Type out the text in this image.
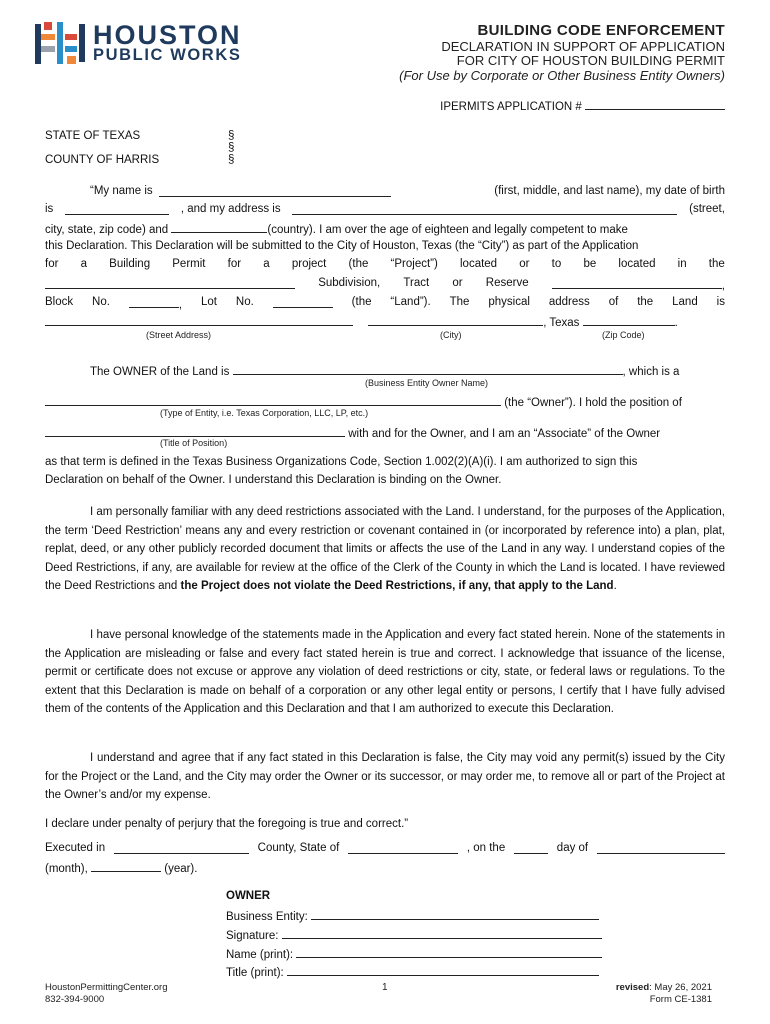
HOUSTON
PUBLIC WORKS
BUILDING CODE ENFORCEMENT
DECLARATION IN SUPPORT OF APPLICATION
FOR CITY OF HOUSTON BUILDING PERMIT
(For Use by Corporate or Other Business Entity Owners)
IPERMITS APPLICATION #
STATE OF TEXAS
COUNTY OF HARRIS
§
§
§
“My name is	(first, middle, and last name), my date of birth
is	, and my address is	(street,
city, state, zip code) and	(country). I am over the age of eighteen and legally competent to make
this Declaration. This Declaration will be submitted to the City of Houston, Texas (the “City”) as part of the Application
for a Building Permit for a project (the “Project”) located or to be located in the
Subdivision, Tract or Reserve	,
Block No.	, Lot No.	(the “Land”). The physical address of the Land is
, Texas	.
(Street Address)	(City)	(Zip Code)
The OWNER of the Land is	, which is a
(Business Entity Owner Name)
(the “Owner”). I hold the position of
(Type of Entity, i.e. Texas Corporation, LLC, LP, etc.)
with and for the Owner, and I am an “Associate” of the Owner
(Title of Position)
as that term is defined in the Texas Business Organizations Code, Section 1.002(2)(A)(i). I am authorized to sign this
Declaration on behalf of the Owner. I understand this Declaration is binding on the Owner.
I am personally familiar with any deed restrictions associated with the Land. I understand, for the purposes of the Application, the term ‘Deed Restriction’ means any and every restriction or covenant contained in (or incorporated by reference into) a plan, plat, replat, deed, or any other publicly recorded document that limits or affects the use of the Land in any way. I understand copies of the Deed Restrictions, if any, are available for review at the office of the Clerk of the County in which the Land is located. I have reviewed the Deed Restrictions and the Project does not violate the Deed Restrictions, if any, that apply to the Land.
I have personal knowledge of the statements made in the Application and every fact stated herein. None of the statements in the Application are misleading or false and every fact stated herein is true and correct. I acknowledge that issuance of the license, permit or certificate does not excuse or approve any violation of deed restrictions or city, state, or federal laws or regulations. To the extent that this Declaration is made on behalf of a corporation or any other legal entity or persons, I certify that I have fully advised them of the contents of the Application and this Declaration and that I am authorized to execute this Declaration.
I understand and agree that if any fact stated in this Declaration is false, the City may void any permit(s) issued by the City for the Project or the Land, and the City may order the Owner or its successor, or may order me, to remove all or part of the Project at the Owner’s and/or my expense.
I declare under penalty of perjury that the foregoing is true and correct.”
Executed in	County, State of	, on the	day of
(month),	(year).
OWNER
Business Entity:
Signature:
Name (print):
Title (print):
HoustonPermittingCenter.org
832-394-9000
1	revised: May 26, 2021
Form CE-1381
